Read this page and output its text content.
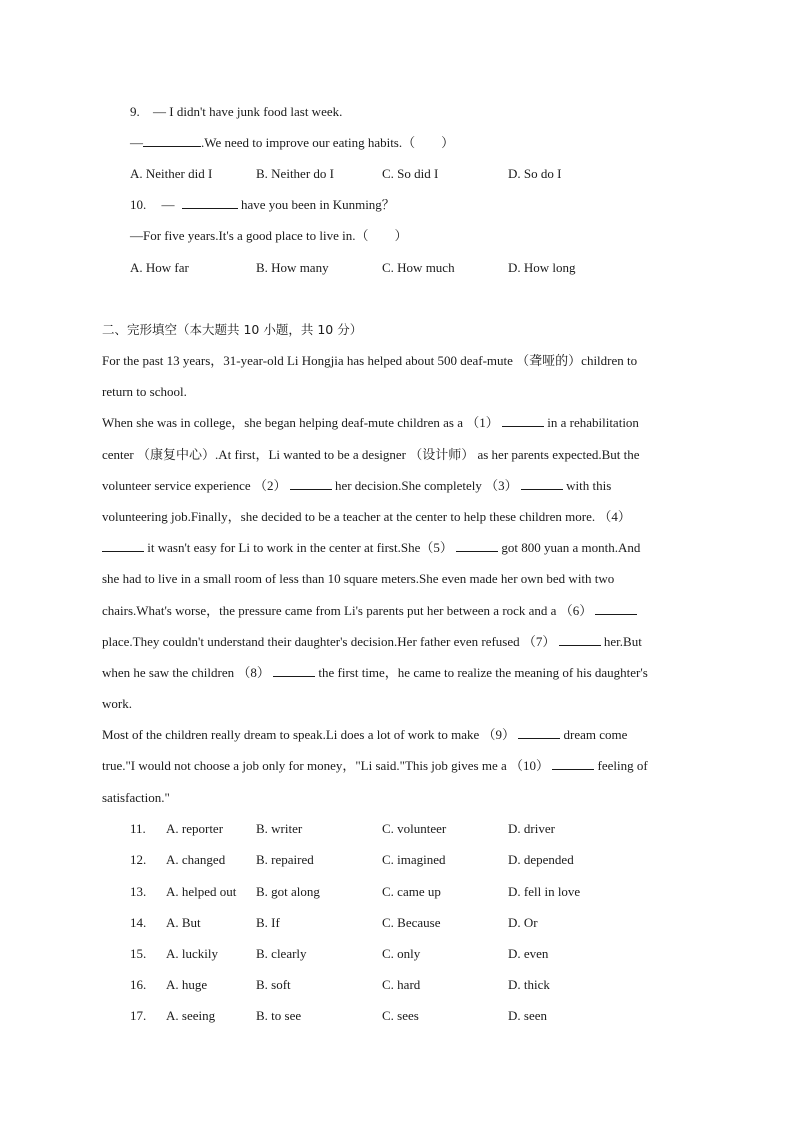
9. — I didn't have junk food last week.
—	.We need to improve our eating habits.（　　）
A. Neither did I	B. Neither do I	C. So did I	D. So do I
10. —	have you been in Kunming？
—For five years.It's a good place to live in.（　　）
A. How far	B. How many	C. How much	D. How long
二、完形填空（本大题共 10 小题，共 10 分）
For the past 13 years，31-year-old Li Hongjia has helped about 500 deaf-mute （聋哑的）children to
return to school.
When she was in college，she began helping deaf-mute children as a （1）	in a rehabilitation
center （康复中心）.At first，Li wanted to be a designer （设计师） as her parents expected.But the
volunteer service experience （2）	her decision.She completely （3）	with this
volunteering job.Finally，she decided to be a teacher at the center to help these children more. （4）
it wasn't easy for Li to work in the center at first.She（5）	got 800 yuan a month.And
she had to live in a small room of less than 10 square meters.She even made her own bed with two
chairs.What's worse，the pressure came from Li's parents put her between a rock and a （6）
place.They couldn't understand their daughter's decision.Her father even refused （7）	her.But
when he saw the children （8）	the first time，he came to realize the meaning of his daughter's
work.
Most of the children really dream to speak.Li does a lot of work to make （9）	dream come
true."I would not choose a job only for money，"Li said."This job gives me a （10）	feeling of
satisfaction."
11. A. reporter	B. writer	C. volunteer	D. driver
12. A. changed B. repaired	C. imagined	D. depended
13. A. helped out B. got along	C. came up	D. fell in love
14. A. But	B. If	C. Because	D. Or
15. A. luckily	B. clearly	C. only	D. even
16. A. huge	B. soft	C. hard	D. thick
17. A. seeing	B. to see	C. sees	D. seen
